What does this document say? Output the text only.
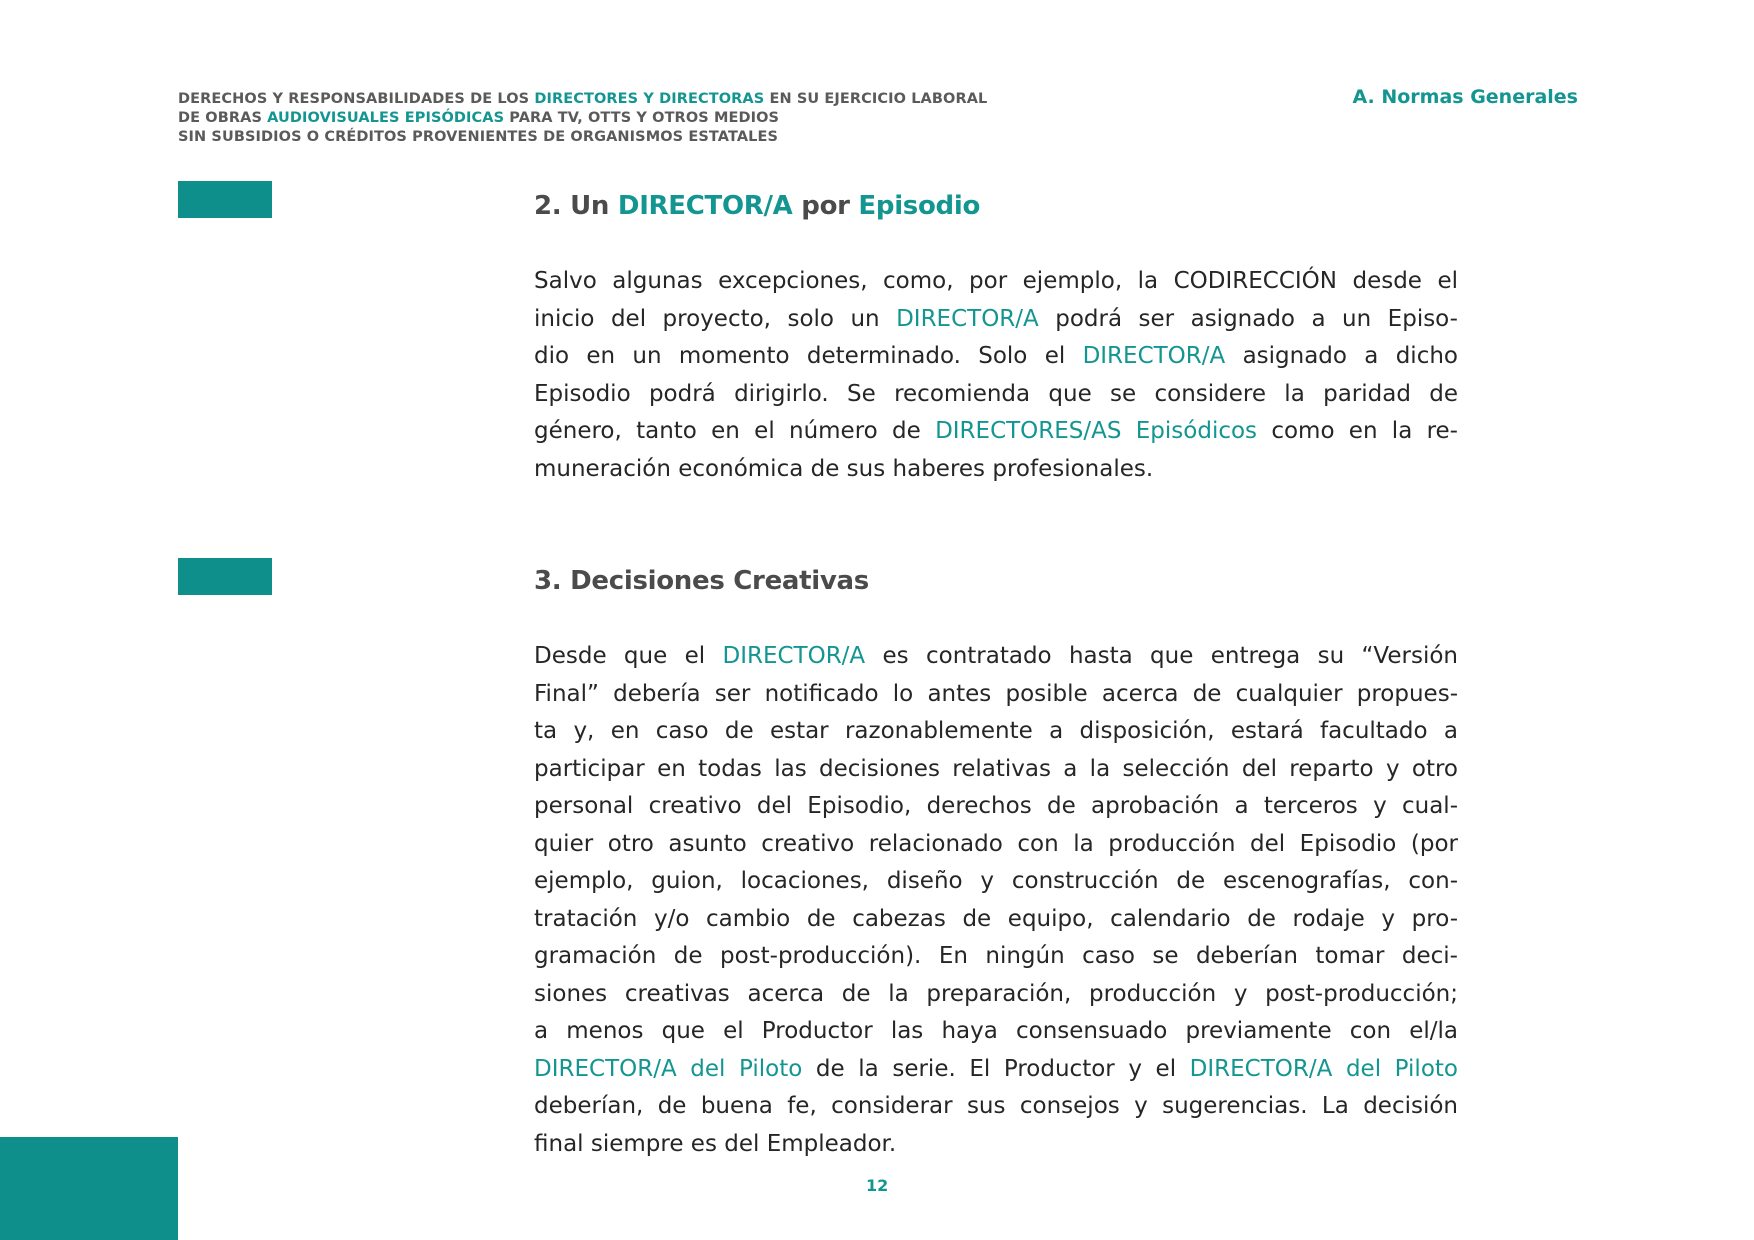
DERECHOS Y RESPONSABILIDADES DE LOS DIRECTORES Y DIRECTORAS EN SU EJERCICIO LABORAL
DE OBRAS AUDIOVISUALES EPISÓDICAS PARA TV, OTTS Y OTROS MEDIOS
SIN SUBSIDIOS O CRÉDITOS PROVENIENTES DE ORGANISMOS ESTATALES
A. Normas Generales
2. Un DIRECTOR/A por Episodio
Salvo algunas excepciones, como, por ejemplo, la CODIRECCIÓN desde el
inicio del proyecto, solo un DIRECTOR/A podrá ser asignado a un Episo-
dio en un momento determinado. Solo el DIRECTOR/A asignado a dicho
Episodio podrá dirigirlo. Se recomienda que se considere la paridad de
género, tanto en el número de DIRECTORES/AS Episódicos como en la re-
muneración económica de sus haberes profesionales.
3. Decisiones Creativas
Desde que el DIRECTOR/A es contratado hasta que entrega su “Versión
Final” debería ser notificado lo antes posible acerca de cualquier propues-
ta y, en caso de estar razonablemente a disposición, estará facultado a
participar en todas las decisiones relativas a la selección del reparto y otro
personal creativo del Episodio, derechos de aprobación a terceros y cual-
quier otro asunto creativo relacionado con la producción del Episodio (por
ejemplo, guion, locaciones, diseño y construcción de escenografías, con-
tratación y/o cambio de cabezas de equipo, calendario de rodaje y pro-
gramación de post-producción). En ningún caso se deberían tomar deci-
siones creativas acerca de la preparación, producción y post-producción;
a menos que el Productor las haya consensuado previamente con el/la
DIRECTOR/A del Piloto de la serie. El Productor y el DIRECTOR/A del Piloto
deberían, de buena fe, considerar sus consejos y sugerencias. La decisión
final siempre es del Empleador.
12
